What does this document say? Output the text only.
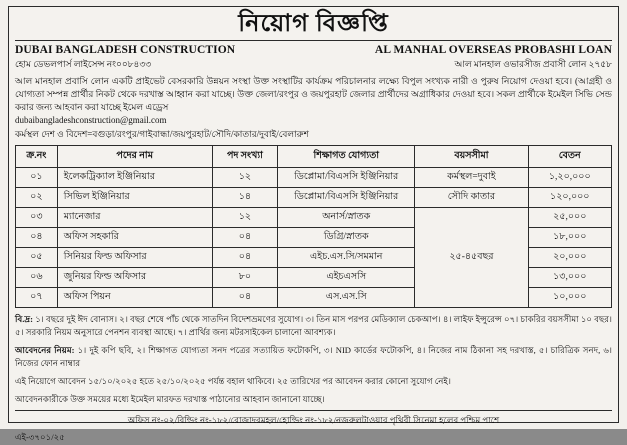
নিয়োগ বিজ্ঞপ্তি
DUBAI BANGLADESH CONSTRUCTION
হোম ডেভলপার্স লাইসেন্স নং০০৮৪৩৩
AL MANHAL OVERSEAS PROBASHI LOAN
আল মানহাল ওভারসীজ প্রবাসী লোন ২৭৫৮
আল মানহাল প্রবাসি লোন একটি প্রাইভেট বেসরকারি উন্নয়ন সংস্থা উক্ত সংস্থাটির কার্যক্রম পরিচালনার লক্ষ্যে বিপুল সংখ্যক নারী ও পুরুষ নিয়োগ দেওয়া হবে। (আগ্রহী ও যোগ্যতা সম্পন্ন প্রার্থীর নিকট থেকে দরখাস্ত আহ্বান করা যাচ্ছে। উক্ত জেলা/রংপুর ও জয়পুরহাট জেলার প্রার্থীদের অগ্রাধিকার দেওয়া হবে। সকল প্রার্থীকে ইমেইল সিভি সেন্ড করার জন্য আহবান করা যাচ্ছে ইমেল এড্রেস
dubaibangladeshconstruction@gmail.com
কর্মস্থল দেশ ও বিদেশ=বগুড়া/রংপুর/গাইবান্ধা/জয়পুরহাট/সৌদি/কাতার/দুবাই/বেলারুশ
ক্র.নং	পদের নাম	পদ সংখ্যা	শিক্ষাগত যোগ্যতা	বয়সসীমা	বেতন
০১	ইলেকট্রিক্যাল ইঞ্জিনিয়ার	১২	ডিপ্লোমা/বিএসসি ইঞ্জিনিয়ার	কর্মস্থল=দুবাই	১,২০,০০০
০২	সিভিল ইঞ্জিনিয়ার	১৪	ডিপ্লোমা/বিএসসি ইঞ্জিনিয়ার	সৌদি কাতার	১২০,০০০
০৩	ম্যানেজার	১২	অনার্স/স্নাতক	২৫-৪৫বছর	২৫,০০০
০৪	অফিস সহকারি	০৪	ডিগ্রি/স্নাতক		১৮,০০০
০৫	সিনিয়র ফিল্ড অফিসার	০৪	এইচ.এস.সি/সমমান		২০,০০০
০৬	জুনিয়র ফিল্ড অফিসার	৮০	এইচএসসি		১৩,০০০
০৭	অফিস পিয়ন	০৪	এস.এস.সি		১০,০০০
বি.দ্র: ১। বছরে দুই ঈদ বোনাস। ২। বছর শেষে পাঁচ থেকে সাতদিন বিদেশভ্রমণের সুযোগ। ৩। তিন মাস পরপর মেডিক্যাল চেকআপ। ৪। লাইফ ইন্সুরেন্স ০৭। চাকরির বয়সসীমা ১০ বছর। ৫। সরকারি নিয়ম অনুসারে পেনশন ব্যবস্থা আছে। ৭। প্রার্থির জন্য মটরসাইকেল চালানো আবশ্যক।
আবেদনের নিয়ম: ১। দুই কপি ছবি, ২। শিক্ষাগত যোগ্যতা সনদ পত্রের সত্যায়িত ফটোকপি, ৩। NID কার্ডের ফটোকপি, ৪। নিজের নাম ঠিকানা সহ দরখাস্ত, ৫। চারিত্রিক সনদ, ৬। নিজের ফোন নাম্বার
এই নিয়োগে আবেদন ১৫/১০/২০২৫ হতে ২৫/১০/২০২৫ পর্যন্ত বহাল থাকিবে। ২৫ তারিখের পর আবেদন করার কোনো সুযোগ নেই।
আবেদনকারীকে উক্ত সময়ের মধ্যে ইমেইল মারফত দরখাস্ত পাঠানোর আহবান জানানো যাচ্ছে।
অফিস নং-০২/বিল্ডিং নং-১৮২/রোজাদরমহল/হোল্ডিং নং-১৮২/নজরুলটাওয়ার পৃথিবী সিনেমা হলের পশ্চিম পাশে
এই-৩৭০১/২৫
